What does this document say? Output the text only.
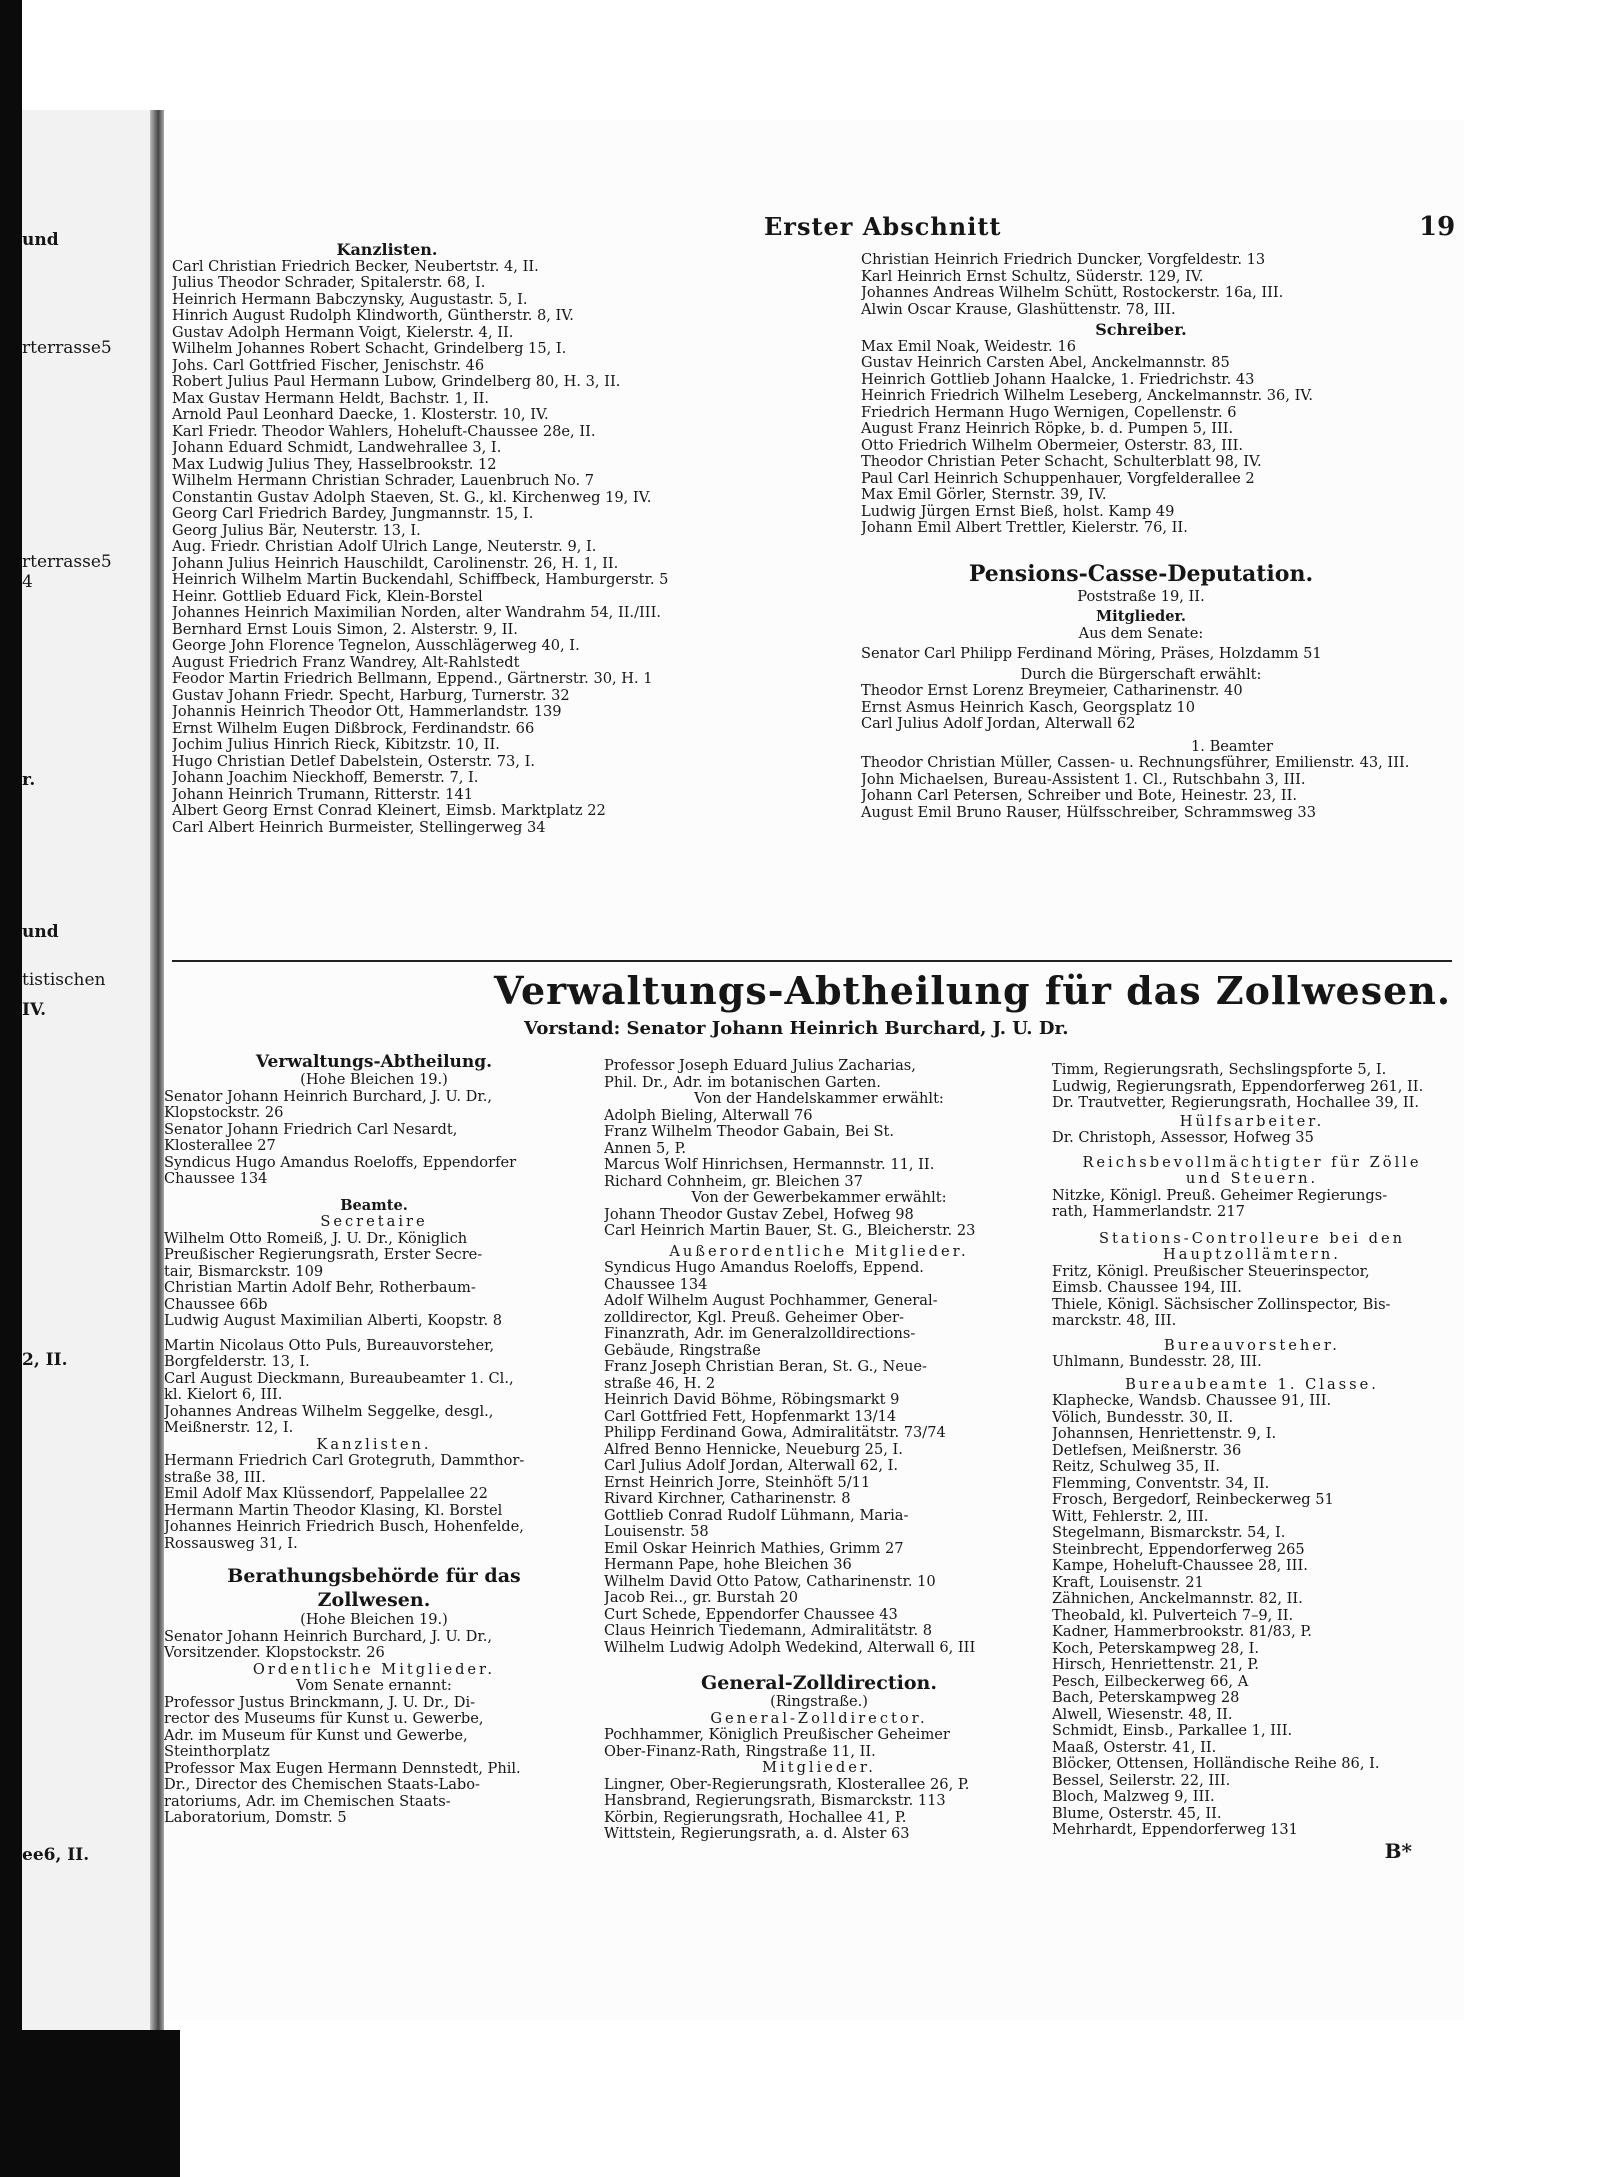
und
rterrasse5
rterrasse5
4
r.
und
tistischen
IV.
2, II.
ee6, II.
Erster Abschnitt	19
Kanzlisten.
Carl Christian Friedrich Becker, Neubertstr. 4, II.
Julius Theodor Schrader, Spitalerstr. 68, I.
Heinrich Hermann Babczynsky, Augustastr. 5, I.
Hinrich August Rudolph Klindworth, Güntherstr. 8, IV.
Gustav Adolph Hermann Voigt, Kielerstr. 4, II.
Wilhelm Johannes Robert Schacht, Grindelberg 15, I.
Johs. Carl Gottfried Fischer, Jenischstr. 46
Robert Julius Paul Hermann Lubow, Grindelberg 80, H. 3, II.
Max Gustav Hermann Heldt, Bachstr. 1, II.
Arnold Paul Leonhard Daecke, 1. Klosterstr. 10, IV.
Karl Friedr. Theodor Wahlers, Hoheluft-Chaussee 28e, II.
Johann Eduard Schmidt, Landwehrallee 3, I.
Max Ludwig Julius They, Hasselbrookstr. 12
Wilhelm Hermann Christian Schrader, Lauenbruch No. 7
Constantin Gustav Adolph Staeven, St. G., kl. Kirchenweg 19, IV.
Georg Carl Friedrich Bardey, Jungmannstr. 15, I.
Georg Julius Bär, Neuterstr. 13, I.
Aug. Friedr. Christian Adolf Ulrich Lange, Neuterstr. 9, I.
Johann Julius Heinrich Hauschildt, Carolinenstr. 26, H. 1, II.
Heinrich Wilhelm Martin Buckendahl, Schiffbeck, Hamburgerstr. 5
Heinr. Gottlieb Eduard Fick, Klein-Borstel
Johannes Heinrich Maximilian Norden, alter Wandrahm 54, II./III.
Bernhard Ernst Louis Simon, 2. Alsterstr. 9, II.
George John Florence Tegnelon, Ausschlägerweg 40, I.
August Friedrich Franz Wandrey, Alt-Rahlstedt
Feodor Martin Friedrich Bellmann, Eppend., Gärtnerstr. 30, H. 1
Gustav Johann Friedr. Specht, Harburg, Turnerstr. 32
Johannis Heinrich Theodor Ott, Hammerlandstr. 139
Ernst Wilhelm Eugen Dißbrock, Ferdinandstr. 66
Jochim Julius Hinrich Rieck, Kibitzstr. 10, II.
Hugo Christian Detlef Dabelstein, Osterstr. 73, I.
Johann Joachim Nieckhoff, Bemerstr. 7, I.
Johann Heinrich Trumann, Ritterstr. 141
Albert Georg Ernst Conrad Kleinert, Eimsb. Marktplatz 22
Carl Albert Heinrich Burmeister, Stellingerweg 34
Christian Heinrich Friedrich Duncker, Vorgfeldestr. 13
Karl Heinrich Ernst Schultz, Süderstr. 129, IV.
Johannes Andreas Wilhelm Schütt, Rostockerstr. 16a, III.
Alwin Oscar Krause, Glashüttenstr. 78, III.
Schreiber.
Max Emil Noak, Weidestr. 16
Gustav Heinrich Carsten Abel, Anckelmannstr. 85
Heinrich Gottlieb Johann Haalcke, 1. Friedrichstr. 43
Heinrich Friedrich Wilhelm Leseberg, Anckelmannstr. 36, IV.
Friedrich Hermann Hugo Wernigen, Copellenstr. 6
August Franz Heinrich Röpke, b. d. Pumpen 5, III.
Otto Friedrich Wilhelm Obermeier, Osterstr. 83, III.
Theodor Christian Peter Schacht, Schulterblatt 98, IV.
Paul Carl Heinrich Schuppenhauer, Vorgfelderallee 2
Max Emil Görler, Sternstr. 39, IV.
Ludwig Jürgen Ernst Bieß, holst. Kamp 49
Johann Emil Albert Trettler, Kielerstr. 76, II.
Pensions-Casse-Deputation.
Poststraße 19, II.
Mitglieder.
Aus dem Senate:
Senator Carl Philipp Ferdinand Möring, Präses, Holzdamm 51
Durch die Bürgerschaft erwählt:
Theodor Ernst Lorenz Breymeier, Catharinenstr. 40
Ernst Asmus Heinrich Kasch, Georgsplatz 10
Carl Julius Adolf Jordan, Alterwall 62
1. Beamter
Theodor Christian Müller, Cassen- u. Rechnungsführer, Emilienstr. 43, III.
John Michaelsen, Bureau-Assistent 1. Cl., Rutschbahn 3, III.
Johann Carl Petersen, Schreiber und Bote, Heinestr. 23, II.
August Emil Bruno Rauser, Hülfsschreiber, Schrammsweg 33
Verwaltungs-Abtheilung für das Zollwesen.
Vorstand: Senator Johann Heinrich Burchard, J. U. Dr.
Verwaltungs-Abtheilung.
(Hohe Bleichen 19.)
Senator Johann Heinrich Burchard, J. U. Dr.,
Klopstockstr. 26
Senator Johann Friedrich Carl Nesardt,
Klosterallee 27
Syndicus Hugo Amandus Roeloffs, Eppendorfer
Chaussee 134
Beamte.
Secretaire
Wilhelm Otto Romeiß, J. U. Dr., Königlich
Preußischer Regierungsrath, Erster Secre-
tair, Bismarckstr. 109
Christian Martin Adolf Behr, Rotherbaum-
Chaussee 66b
Ludwig August Maximilian Alberti, Koopstr. 8
Martin Nicolaus Otto Puls, Bureauvorsteher,
Borgfelderstr. 13, I.
Carl August Dieckmann, Bureaubeamter 1. Cl.,
kl. Kielort 6, III.
Johannes Andreas Wilhelm Seggelke, desgl.,
Meißnerstr. 12, I.
Kanzlisten.
Hermann Friedrich Carl Grotegruth, Dammthor-
straße 38, III.
Emil Adolf Max Klüssendorf, Pappelallee 22
Hermann Martin Theodor Klasing, Kl. Borstel
Johannes Heinrich Friedrich Busch, Hohenfelde,
Rossausweg 31, I.
Berathungsbehörde für das Zollwesen.
(Hohe Bleichen 19.)
Senator Johann Heinrich Burchard, J. U. Dr.,
Vorsitzender. Klopstockstr. 26
Ordentliche Mitglieder.
Vom Senate ernannt:
Professor Justus Brinckmann, J. U. Dr., Di-
rector des Museums für Kunst u. Gewerbe,
Adr. im Museum für Kunst und Gewerbe,
Steinthorplatz
Professor Max Eugen Hermann Dennstedt, Phil.
Dr., Director des Chemischen Staats-Labo-
ratoriums, Adr. im Chemischen Staats-
Laboratorium, Domstr. 5
Professor Joseph Eduard Julius Zacharias,
Phil. Dr., Adr. im botanischen Garten.
Von der Handelskammer erwählt:
Adolph Bieling, Alterwall 76
Franz Wilhelm Theodor Gabain, Bei St.
Annen 5, P.
Marcus Wolf Hinrichsen, Hermannstr. 11, II.
Richard Cohnheim, gr. Bleichen 37
Von der Gewerbekammer erwählt:
Johann Theodor Gustav Zebel, Hofweg 98
Carl Heinrich Martin Bauer, St. G., Bleicherstr. 23
Außerordentliche Mitglieder.
Syndicus Hugo Amandus Roeloffs, Eppend.
Chaussee 134
Adolf Wilhelm August Pochhammer, General-
zolldirector, Kgl. Preuß. Geheimer Ober-
Finanzrath, Adr. im Generalzolldirections-
Gebäude, Ringstraße
Franz Joseph Christian Beran, St. G., Neue-
straße 46, H. 2
Heinrich David Böhme, Röbingsmarkt 9
Carl Gottfried Fett, Hopfenmarkt 13/14
Philipp Ferdinand Gowa, Admiralitätstr. 73/74
Alfred Benno Hennicke, Neueburg 25, I.
Carl Julius Adolf Jordan, Alterwall 62, I.
Ernst Heinrich Jorre, Steinhöft 5/11
Rivard Kirchner, Catharinenstr. 8
Gottlieb Conrad Rudolf Lühmann, Maria-
Louisenstr. 58
Emil Oskar Heinrich Mathies, Grimm 27
Hermann Pape, hohe Bleichen 36
Wilhelm David Otto Patow, Catharinenstr. 10
Jacob Rei.., gr. Burstah 20
Curt Schede, Eppendorfer Chaussee 43
Claus Heinrich Tiedemann, Admiralitätstr. 8
Wilhelm Ludwig Adolph Wedekind, Alterwall 6, III
General-Zolldirection.
(Ringstraße.)
General-Zolldirector.
Pochhammer, Königlich Preußischer Geheimer
Ober-Finanz-Rath, Ringstraße 11, II.
Mitglieder.
Lingner, Ober-Regierungsrath, Klosterallee 26, P.
Hansbrand, Regierungsrath, Bismarckstr. 113
Körbin, Regierungsrath, Hochallee 41, P.
Wittstein, Regierungsrath, a. d. Alster 63
Timm, Regierungsrath, Sechslingspforte 5, I.
Ludwig, Regierungsrath, Eppendorferweg 261, II.
Dr. Trautvetter, Regierungsrath, Hochallee 39, II.
Hülfsarbeiter.
Dr. Christoph, Assessor, Hofweg 35
Reichsbevollmächtigter für Zölle
und Steuern.
Nitzke, Königl. Preuß. Geheimer Regierungs-
rath, Hammerlandstr. 217
Stations-Controlleure bei den
Hauptzollämtern.
Fritz, Königl. Preußischer Steuerinspector,
Eimsb. Chaussee 194, III.
Thiele, Königl. Sächsischer Zollinspector, Bis-
marckstr. 48, III.
Bureauvorsteher.
Uhlmann, Bundesstr. 28, III.
Bureaubeamte 1. Classe.
Klaphecke, Wandsb. Chaussee 91, III.
Völich, Bundesstr. 30, II.
Johannsen, Henriettenstr. 9, I.
Detlefsen, Meißnerstr. 36
Reitz, Schulweg 35, II.
Flemming, Conventstr. 34, II.
Frosch, Bergedorf, Reinbeckerweg 51
Witt, Fehlerstr. 2, III.
Stegelmann, Bismarckstr. 54, I.
Steinbrecht, Eppendorferweg 265
Kampe, Hoheluft-Chaussee 28, III.
Kraft, Louisenstr. 21
Zähnichen, Anckelmannstr. 82, II.
Theobald, kl. Pulverteich 7–9, II.
Kadner, Hammerbrookstr. 81/83, P.
Koch, Peterskampweg 28, I.
Hirsch, Henriettenstr. 21, P.
Pesch, Eilbeckerweg 66, A
Bach, Peterskampweg 28
Alwell, Wiesenstr. 48, II.
Schmidt, Einsb., Parkallee 1, III.
Maaß, Osterstr. 41, II.
Blöcker, Ottensen, Holländische Reihe 86, I.
Bessel, Seilerstr. 22, III.
Bloch, Malzweg 9, III.
Blume, Osterstr. 45, II.
Mehrhardt, Eppendorferweg 131
B*
